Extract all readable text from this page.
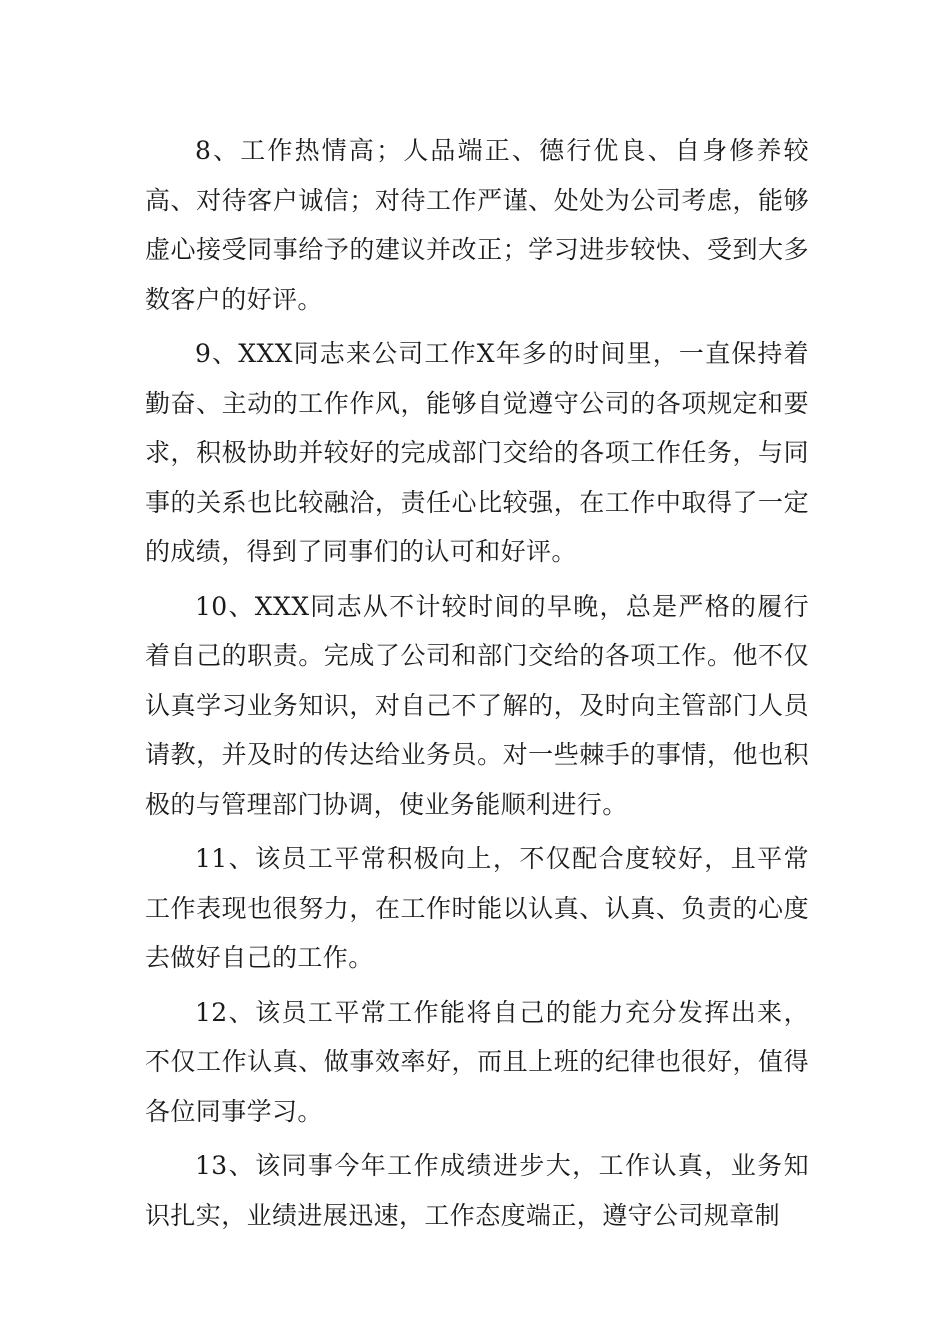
8、工作热情高；人品端正、德行优良、自身修养较高、对待客户诚信；对待工作严谨、处处为公司考虑，能够虚心接受同事给予的建议并改正；学习进步较快、受到大多数客户的好评。

9、XXX同志来公司工作X年多的时间里，一直保持着勤奋、主动的工作作风，能够自觉遵守公司的各项规定和要求，积极协助并较好的完成部门交给的各项工作任务，与同事的关系也比较融洽，责任心比较强，在工作中取得了一定的成绩，得到了同事们的认可和好评。

10、XXX同志从不计较时间的早晚，总是严格的履行着自己的职责。完成了公司和部门交给的各项工作。他不仅认真学习业务知识，对自己不了解的，及时向主管部门人员请教，并及时的传达给业务员。对一些棘手的事情，他也积极的与管理部门协调，使业务能顺利进行。

11、该员工平常积极向上，不仅配合度较好，且平常工作表现也很努力，在工作时能以认真、认真、负责的心度去做好自己的工作。

12、该员工平常工作能将自己的能力充分发挥出来，不仅工作认真、做事效率好，而且上班的纪律也很好，值得各位同事学习。

13、该同事今年工作成绩进步大，工作认真，业务知识扎实，业绩进展迅速，工作态度端正，遵守公司规章制
